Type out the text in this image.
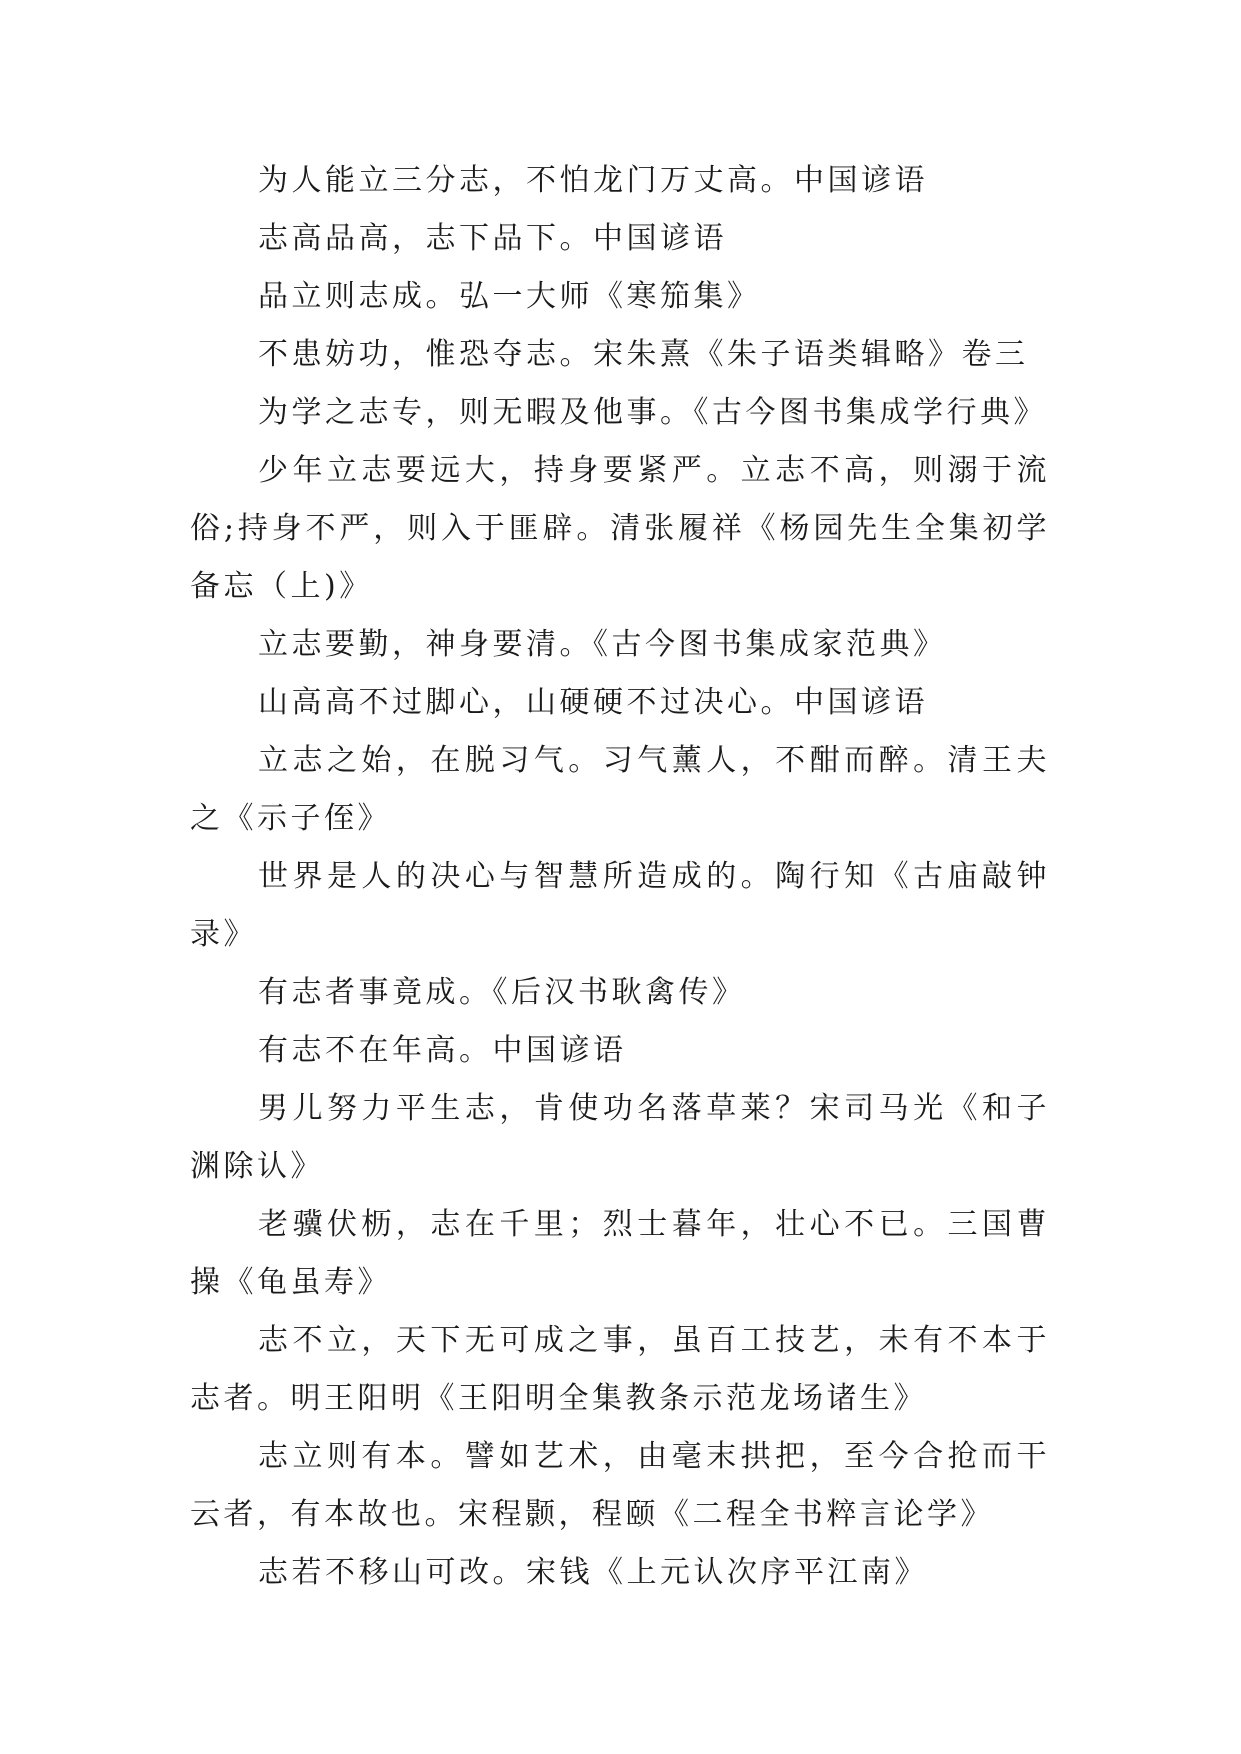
为人能立三分志，不怕龙门万丈高。中国谚语

志高品高，志下品下。中国谚语

品立则志成。弘一大师《寒笳集》

不患妨功，惟恐夺志。宋朱熹《朱子语类辑略》卷三

为学之志专，则无暇及他事。《古今图书集成学行典》

少年立志要远大，持身要紧严。立志不高，则溺于流俗;持身不严，则入于匪辟。清张履祥《杨园先生全集初学备忘（上)》

立志要勤，神身要清。《古今图书集成家范典》

山高高不过脚心，山硬硬不过决心。中国谚语

立志之始，在脱习气。习气薰人，不酣而醉。清王夫之《示子侄》

世界是人的决心与智慧所造成的。陶行知《古庙敲钟录》

有志者事竟成。《后汉书耿禽传》

有志不在年高。中国谚语

男儿努力平生志，肯使功名落草莱？宋司马光《和子渊除认》

老骥伏枥，志在千里；烈士暮年，壮心不已。三国曹操《龟虽寿》

志不立，天下无可成之事，虽百工技艺，未有不本于志者。明王阳明《王阳明全集教条示范龙场诸生》

志立则有本。譬如艺术，由毫末拱把，至今合抢而干云者，有本故也。宋程颢，程颐《二程全书粹言论学》

志若不移山可改。宋钱《上元认次序平江南》
